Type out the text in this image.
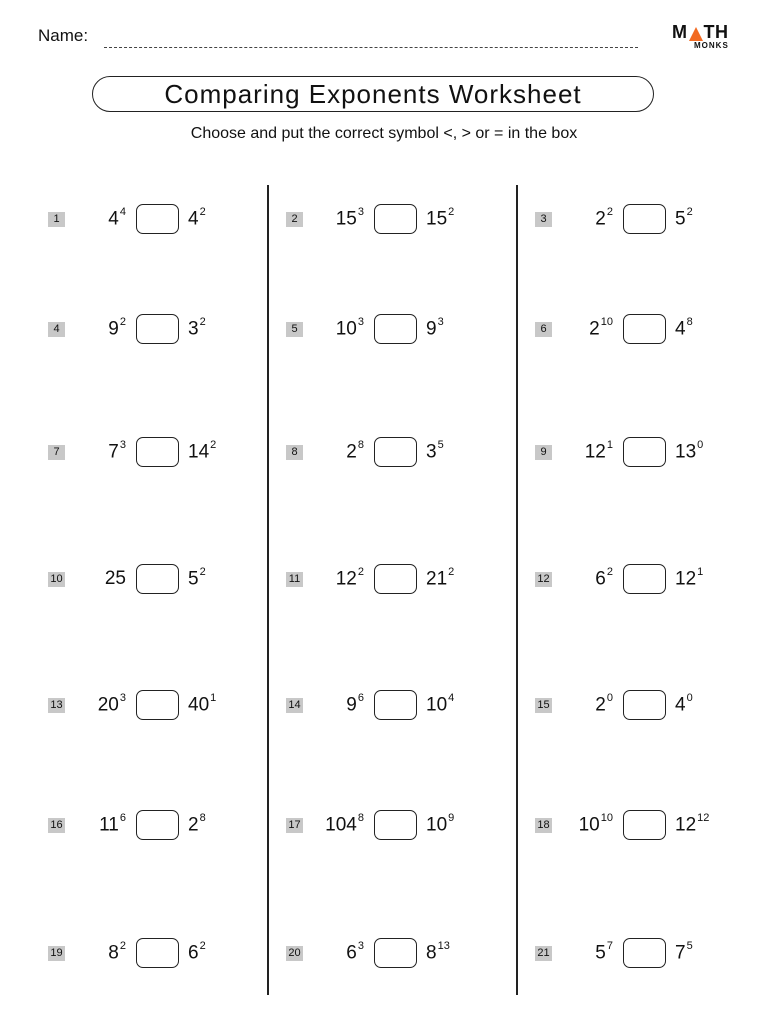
Name:	M TH
MONKS
Comparing Exponents Worksheet
Choose and put the correct symbol <, > or = in the box
1	$4^4$	$4^2$
2 $15^3$	$15^2$
3	$2^2$	$5^2$
4	$9^2$	$3^2$
5 $10^3$	$9^3$
6 $2^{10}$	$4^8$
7	$7^3$	$14^2$
8	$2^8$	$3^5$
9 $12^1$	$13^0$
10 25	$5^2$
11 $12^2$	$21^2$
12 $6^2$	$12^1$
13 $20^3$	$40^1$
14 $9^6$	$10^4$
15 $2^0$	$4^0$
16 $11^6$	$2^8$
17 $104^8$	$10^9$
18 $10^{10}$	$12^{12}$
19 $8^2$	$6^2$
20 $6^3$	$8^{13}$
21 $5^7$	$7^5$
